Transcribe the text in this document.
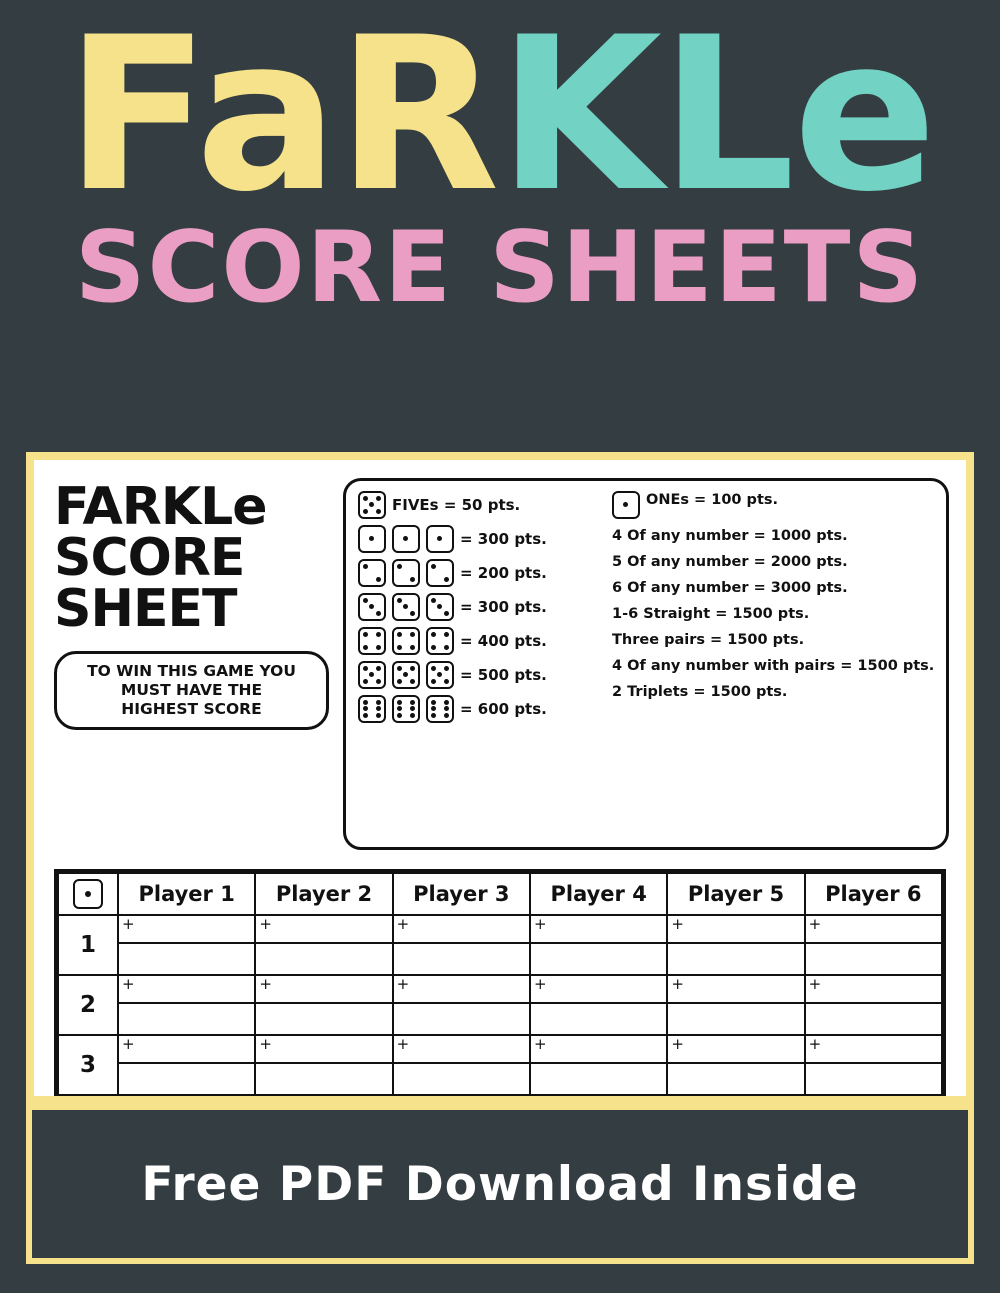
FaRKLe
SCORE SHEETS
FARKLe
SCORE
SHEET
TO WIN THIS GAME YOU
MUST HAVE THE
HIGHEST SCORE
FIVEs = 50 pts.
= 300 pts.
= 200 pts.
= 300 pts.
= 400 pts.
= 500 pts.
= 600 pts.
ONEs = 100 pts.
4 Of any number = 1000 pts.
5 Of any number = 2000 pts.
6 Of any number = 3000 pts.
1-6 Straight = 1500 pts.
Three pairs = 1500 pts.
4 Of any number with pairs = 1500 pts.
2 Triplets = 1500 pts.
	Player 1	Player 2	Player 3	Player 4	Player 5	Player 6
1	+	+	+	+	+	+

2	+	+	+	+	+	+

3	+	+	+	+	+	+
Free PDF Download Inside
